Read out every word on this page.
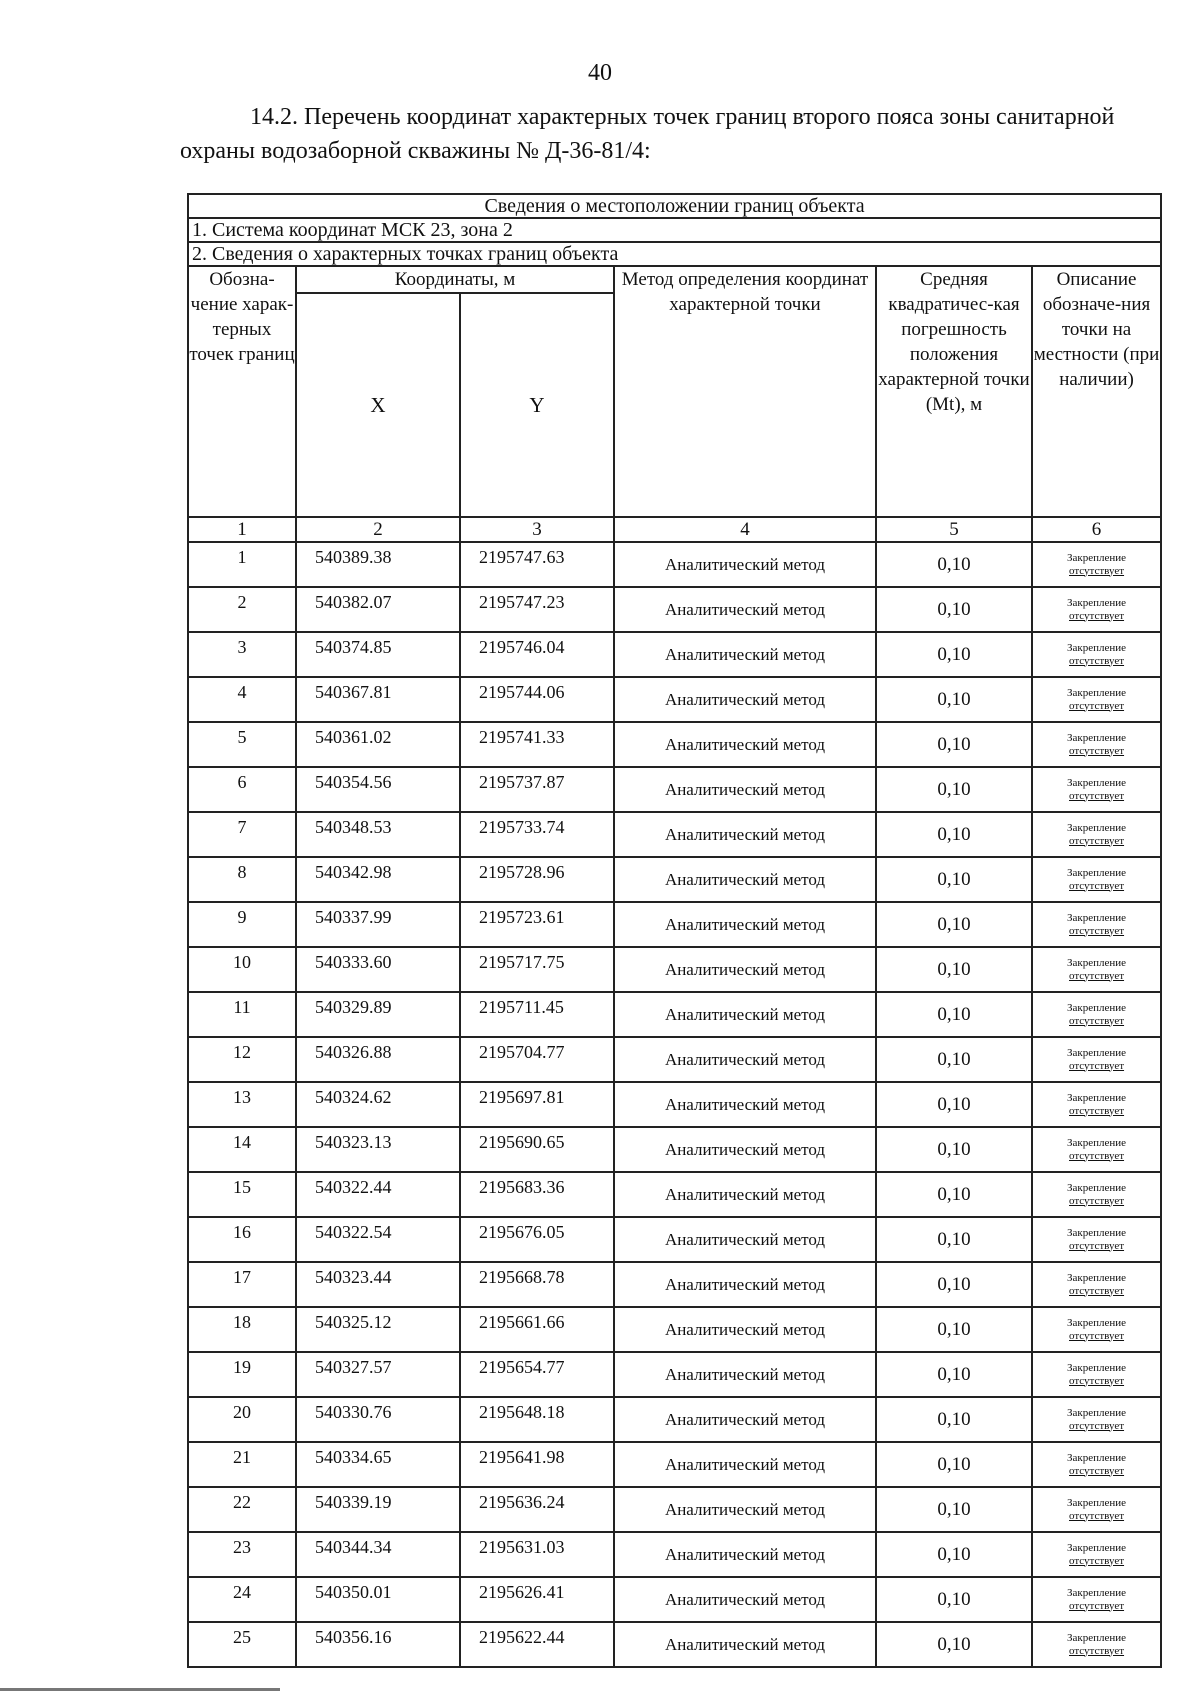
40
14.2. Перечень координат характерных точек границ второго пояса зоны санитарной охраны водозаборной скважины № Д-36-81/4:
Сведения о местоположении границ объекта					
1. Система координат МСК 23, зона 2					
2. Сведения о характерных точках границ объекта					
Обозна-чение харак-терных точек границ	Координаты, м		Метод определения координат характерной точки	Средняя квадратичес-кая погрешность положения характерной точки (Mt), м	Описание обозначе-ния точки на местности (при наличии)
	X	Y			
1	2	3	4	5	6
1	540389.38	2195747.63	Аналитический метод	0,10	Закрепление
отсутствует

2	540382.07	2195747.23	Аналитический метод	0,10	Закрепление
отсутствует

3	540374.85	2195746.04	Аналитический метод	0,10	Закрепление
отсутствует

4	540367.81	2195744.06	Аналитический метод	0,10	Закрепление
отсутствует

5	540361.02	2195741.33	Аналитический метод	0,10	Закрепление
отсутствует

6	540354.56	2195737.87	Аналитический метод	0,10	Закрепление
отсутствует

7	540348.53	2195733.74	Аналитический метод	0,10	Закрепление
отсутствует

8	540342.98	2195728.96	Аналитический метод	0,10	Закрепление
отсутствует

9	540337.99	2195723.61	Аналитический метод	0,10	Закрепление
отсутствует

10	540333.60	2195717.75	Аналитический метод	0,10	Закрепление
отсутствует

11	540329.89	2195711.45	Аналитический метод	0,10	Закрепление
отсутствует

12	540326.88	2195704.77	Аналитический метод	0,10	Закрепление
отсутствует

13	540324.62	2195697.81	Аналитический метод	0,10	Закрепление
отсутствует

14	540323.13	2195690.65	Аналитический метод	0,10	Закрепление
отсутствует

15	540322.44	2195683.36	Аналитический метод	0,10	Закрепление
отсутствует

16	540322.54	2195676.05	Аналитический метод	0,10	Закрепление
отсутствует

17	540323.44	2195668.78	Аналитический метод	0,10	Закрепление
отсутствует

18	540325.12	2195661.66	Аналитический метод	0,10	Закрепление
отсутствует

19	540327.57	2195654.77	Аналитический метод	0,10	Закрепление
отсутствует

20	540330.76	2195648.18	Аналитический метод	0,10	Закрепление
отсутствует

21	540334.65	2195641.98	Аналитический метод	0,10	Закрепление
отсутствует

22	540339.19	2195636.24	Аналитический метод	0,10	Закрепление
отсутствует

23	540344.34	2195631.03	Аналитический метод	0,10	Закрепление
отсутствует

24	540350.01	2195626.41	Аналитический метод	0,10	Закрепление
отсутствует

25	540356.16	2195622.44	Аналитический метод	0,10	Закрепление
отсутствует
